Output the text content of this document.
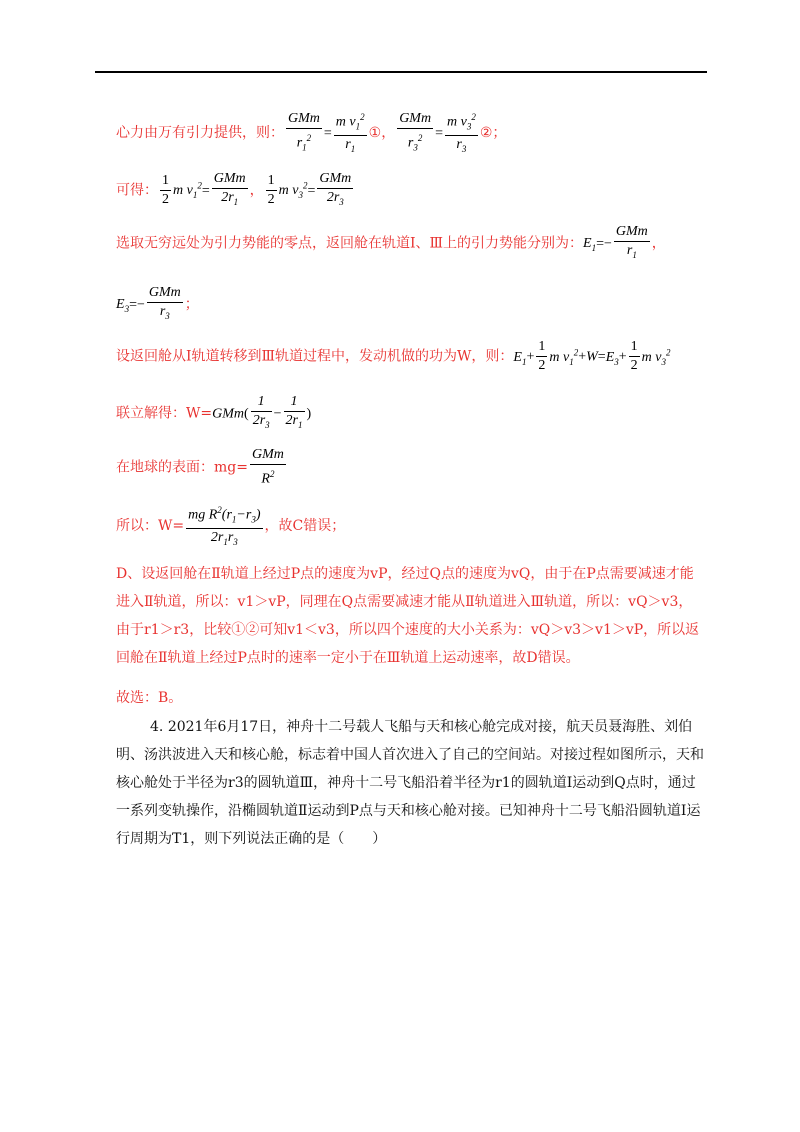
心力由万有引力提供，则： $\frac{\text{GMm}}{r_1^2} = \frac{m v_1^2}{r_1}$ ①， $\frac{\text{GMm}}{r_3^2} = \frac{m v_3^2}{r_3}$ ②；
可得： $\frac{1}{2}$ m $v_1^2= \frac{\text{GMm}}{2r_1}$ ， $\frac{1}{2}$ m $v_3^2= \frac{\text{GMm}}{2r_3}$
选取无穷远处为引力势能的零点，返回舱在轨道Ⅰ、Ⅲ上的引力势能分别为：$E_1=- \frac{\text{GMm}}{r_1}$ ，
$E_3=- \frac{\text{GMm}}{r_3}$ ；
设返回舱从Ⅰ轨道转移到Ⅲ轨道过程中，发动机做的功为W，则：$E_1+ \frac{1}{2}$ m $v_1^2+W=E_3+ \frac{1}{2}$ m $v_3^2$
联立解得：$W=GMm( \frac{1}{2r_3} - \frac{1}{2r_1}$ )
在地球的表面：$mg= \frac{\text{GMm}}{R^2}$
所以：$W= \frac{mg R^2(r_1-r_3)}{2r_1r_3}$ ，故C错误；
D、设返回舱在Ⅱ轨道上经过P点的速度为vP，经过Q点的速度为vQ，由于在P点需要减速才能进入Ⅱ轨道，所以：v1＞vP，同理在Q点需要减速才能从Ⅱ轨道进入Ⅲ轨道，所以：vQ＞v3，由于r1＞r3，比较①②可知v1＜v3，所以四个速度的大小关系为：vQ＞v3＞v1＞vP，所以返回舱在Ⅱ轨道上经过P点时的速率一定小于在Ⅲ轨道上运动速率，故D错误。
故选：B。
4. 2021年6月17日，神舟十二号载人飞船与天和核心舱完成对接，航天员聂海胜、刘伯明、汤洪波进入天和核心舱，标志着中国人首次进入了自己的空间站。对接过程如图所示，天和核心舱处于半径为r3的圆轨道Ⅲ，神舟十二号飞船沿着半径为r1的圆轨道Ⅰ运动到Q点时，通过一系列变轨操作，沿椭圆轨道Ⅱ运动到P点与天和核心舱对接。已知神舟十二号飞船沿圆轨道Ⅰ运行周期为T1，则下列说法正确的是（　　）
